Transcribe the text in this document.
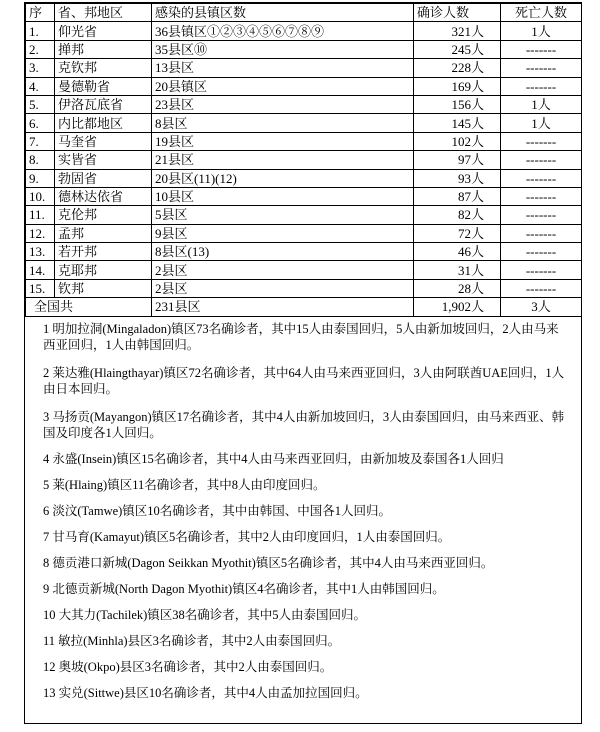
序	省、邦地区	感染的县镇区数	确诊人数	死亡人数
1.	仰光省	36县镇区①②③④⑤⑥⑦⑧⑨	321人	1人
2.	掸邦	35县区⑩	245人	-------
3.	克钦邦	13县区	228人	-------
4.	曼德勒省	20县镇区	169人	-------
5.	伊洛瓦底省	23县区	156人	1人
6.	内比都地区	8县区	145人	1人
7.	马奎省	19县区	102人	-------
8.	实皆省	21县区	97人	-------
9.	勃固省	20县区(11)(12)	93人	-------
10.	德林达依省	10县区	87人	-------
11.	克伦邦	5县区	82人	-------
12.	孟邦	9县区	72人	-------
13.	若开邦	8县区(13)	46人	-------
14.	克耶邦	2县区	31人	-------
15.	钦邦	2县区	28人	-------
全国共		231县区	1,902人	3人
1 明加拉洞(Mingaladon)镇区73名确诊者，其中15人由泰国回归，5人由新加坡回归，2人由马来西亚回归，1人由韩国回归。
2 莱达雅(Hlaingthayar)镇区72名确诊者，其中64人由马来西亚回归，3人由阿联酋UAE回归，1人由日本回归。
3 马扬贡(Mayangon)镇区17名确诊者，其中4人由新加坡回归，3人由泰国回归，由马来西亚、韩国及印度各1人回归。
4 永盛(Insein)镇区15名确诊者，其中4人由马来西亚回归，由新加坡及泰国各1人回归
5 莱(Hlaing)镇区11名确诊者，其中8人由印度回归。
6 淡汶(Tamwe)镇区10名确诊者，其中由韩国、中国各1人回归。
7 甘马育(Kamayut)镇区5名确诊者，其中2人由印度回归，1人由泰国回归。
8 德贡港口新城(Dagon Seikkan Myothit)镇区5名确诊者，其中4人由马来西亚回归。
9 北德贡新城(North Dagon Myothit)镇区4名确诊者，其中1人由韩国回归。
10 大其力(Tachilek)镇区38名确诊者，其中5人由泰国回归。
11 敏拉(Minhla)县区3名确诊者，其中2人由泰国回归。
12 奥坡(Okpo)县区3名确诊者，其中2人由泰国回归。
13 实兑(Sittwe)县区10名确诊者，其中4人由孟加拉国回归。
